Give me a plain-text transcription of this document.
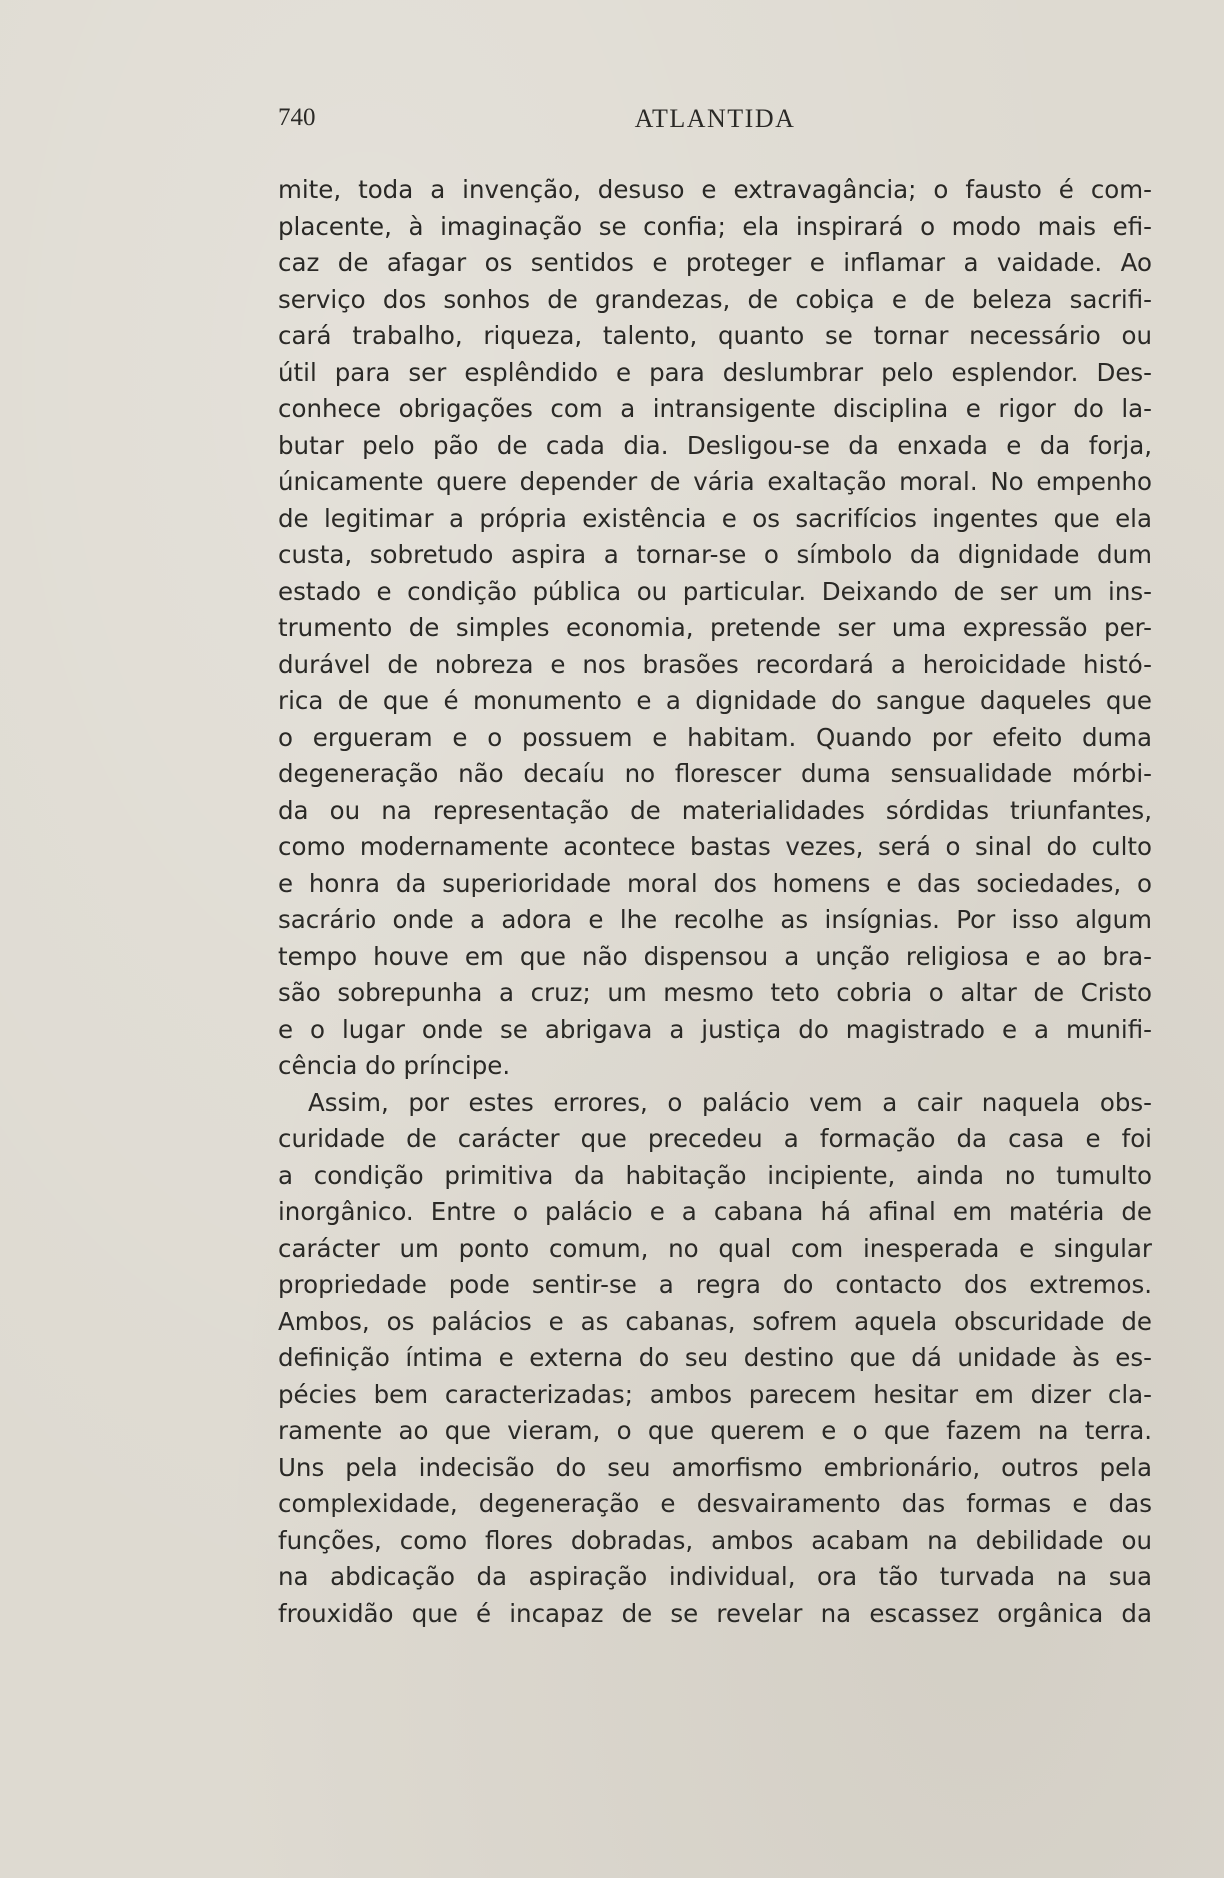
740	ATLANTIDA
mite, toda a invenção, desuso e extravagância; o fausto é com-
placente, à imaginação se confia; ela inspirará o modo mais efi-
caz de afagar os sentidos e proteger e inflamar a vaidade. Ao
serviço dos sonhos de grandezas, de cobiça e de beleza sacrifi-
cará trabalho, riqueza, talento, quanto se tornar necessário ou
útil para ser esplêndido e para deslumbrar pelo esplendor. Des-
conhece obrigações com a intransigente disciplina e rigor do la-
butar pelo pão de cada dia. Desligou-se da enxada e da forja,
únicamente quere depender de vária exaltação moral. No empenho
de legitimar a própria existência e os sacrifícios ingentes que ela
custa, sobretudo aspira a tornar-se o símbolo da dignidade dum
estado e condição pública ou particular. Deixando de ser um ins-
trumento de simples economia, pretende ser uma expressão per-
durável de nobreza e nos brasões recordará a heroicidade histó-
rica de que é monumento e a dignidade do sangue daqueles que
o ergueram e o possuem e habitam. Quando por efeito duma
degeneração não decaíu no florescer duma sensualidade mórbi-
da ou na representação de materialidades sórdidas triunfantes,
como modernamente acontece bastas vezes, será o sinal do culto
e honra da superioridade moral dos homens e das sociedades, o
sacrário onde a adora e lhe recolhe as insígnias. Por isso algum
tempo houve em que não dispensou a unção religiosa e ao bra-
são sobrepunha a cruz; um mesmo teto cobria o altar de Cristo
e o lugar onde se abrigava a justiça do magistrado e a munifi-
cência do príncipe.
Assim, por estes errores, o palácio vem a cair naquela obs-
curidade de carácter que precedeu a formação da casa e foi
a condição primitiva da habitação incipiente, ainda no tumulto
inorgânico. Entre o palácio e a cabana há afinal em matéria de
carácter um ponto comum, no qual com inesperada e singular
propriedade pode sentir-se a regra do contacto dos extremos.
Ambos, os palácios e as cabanas, sofrem aquela obscuridade de
definição íntima e externa do seu destino que dá unidade às es-
pécies bem caracterizadas; ambos parecem hesitar em dizer cla-
ramente ao que vieram, o que querem e o que fazem na terra.
Uns pela indecisão do seu amorfismo embrionário, outros pela
complexidade, degeneração e desvairamento das formas e das
funções, como flores dobradas, ambos acabam na debilidade ou
na abdicação da aspiração individual, ora tão turvada na sua
frouxidão que é incapaz de se revelar na escassez orgânica da
